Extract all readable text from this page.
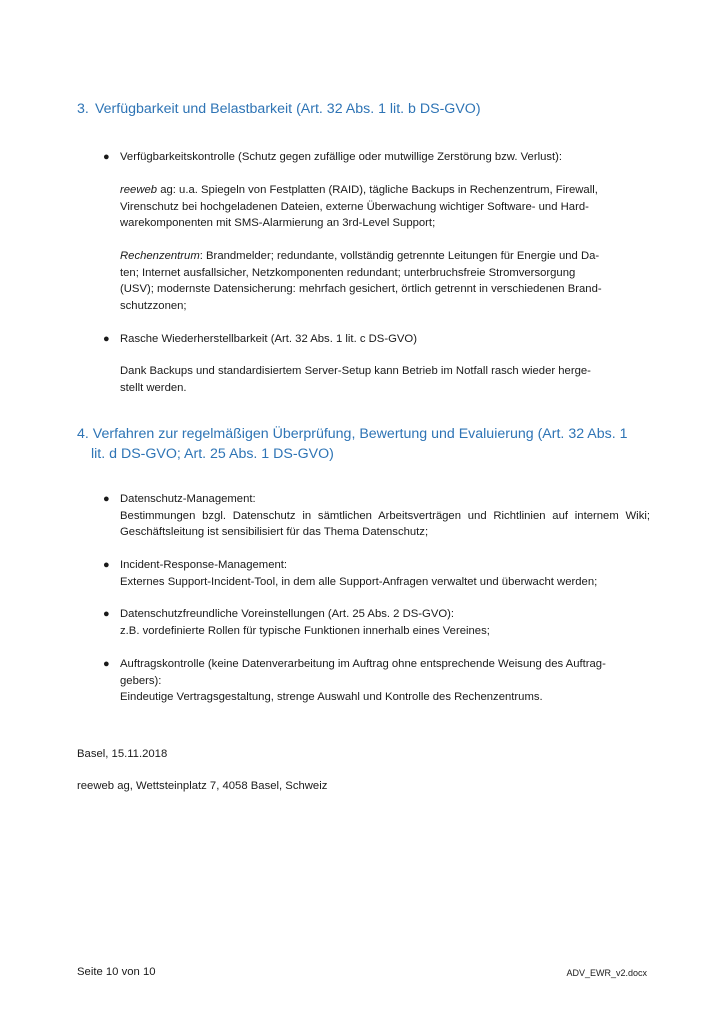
3. Verfügbarkeit und Belastbarkeit (Art. 32 Abs. 1 lit. b DS-GVO)
● Verfügbarkeitskontrolle (Schutz gegen zufällige oder mutwillige Zerstörung bzw. Verlust):
reeweb ag: u.a. Spiegeln von Festplatten (RAID), tägliche Backups in Rechenzentrum, Firewall,
Virenschutz bei hochgeladenen Dateien, externe Überwachung wichtiger Software- und Hard-
warekomponenten mit SMS-Alarmierung an 3rd-Level Support;
Rechenzentrum: Brandmelder; redundante, vollständig getrennte Leitungen für Energie und Da-
ten; Internet ausfallsicher, Netzkomponenten redundant; unterbruchsfreie Stromversorgung
(USV); modernste Datensicherung: mehrfach gesichert, örtlich getrennt in verschiedenen Brand-
schutzzonen;
● Rasche Wiederherstellbarkeit (Art. 32 Abs. 1 lit. c DS-GVO)
Dank Backups und standardisiertem Server-Setup kann Betrieb im Notfall rasch wieder herge-
stellt werden.
4. Verfahren zur regelmäßigen Überprüfung, Bewertung und Evaluierung (Art. 32 Abs. 1
lit. d DS-GVO; Art. 25 Abs. 1 DS-GVO)
● Datenschutz-Management:
Bestimmungen bzgl. Datenschutz in sämtlichen Arbeitsverträgen und Richtlinien auf internem Wiki; Geschäftsleitung ist sensibilisiert für das Thema Datenschutz;
● Incident-Response-Management:
Externes Support-Incident-Tool, in dem alle Support-Anfragen verwaltet und überwacht werden;
● Datenschutzfreundliche Voreinstellungen (Art. 25 Abs. 2 DS-GVO):
z.B. vordefinierte Rollen für typische Funktionen innerhalb eines Vereines;
● Auftragskontrolle (keine Datenverarbeitung im Auftrag ohne entsprechende Weisung des Auftrag-
gebers):
Eindeutige Vertragsgestaltung, strenge Auswahl und Kontrolle des Rechenzentrums.
Basel, 15.11.2018
reeweb ag, Wettsteinplatz 7, 4058 Basel, Schweiz
Seite 10 von 10	ADV_EWR_v2.docx
